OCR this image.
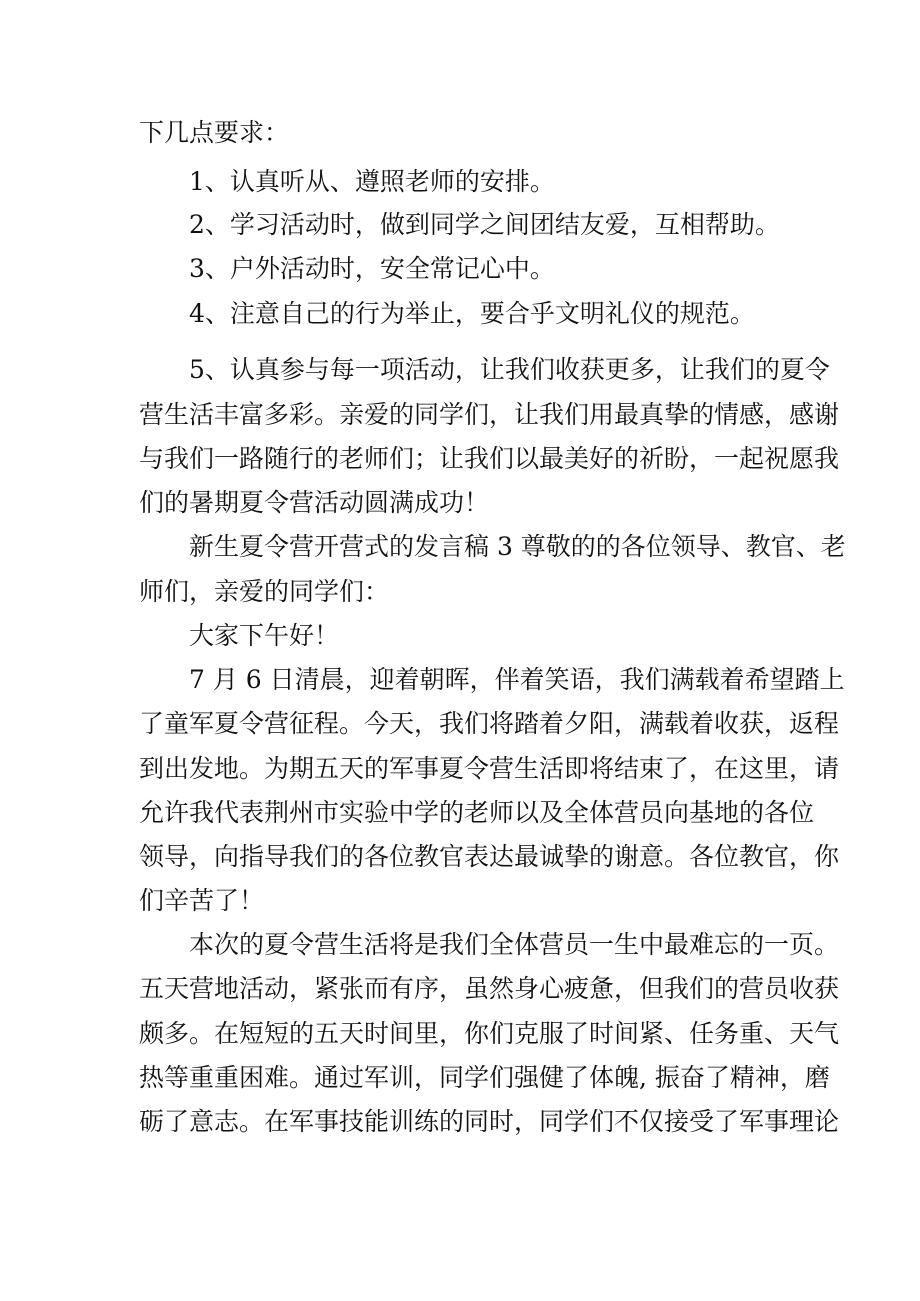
下几点要求：
1、认真听从、遵照老师的安排。
2、学习活动时，做到同学之间团结友爱，互相帮助。
3、户外活动时，安全常记心中。
4、注意自己的行为举止，要合乎文明礼仪的规范。
5、认真参与每一项活动，让我们收获更多，让我们的夏令
营生活丰富多彩。亲爱的同学们，让我们用最真挚的情感，感谢
与我们一路随行的老师们；让我们以最美好的祈盼，一起祝愿我
们的暑期夏令营活动圆满成功！
新生夏令营开营式的发言稿 3 尊敬的的各位领导、教官、老
师们，亲爱的同学们：
大家下午好！
7 月 6 日清晨，迎着朝晖，伴着笑语，我们满载着希望踏上
了童军夏令营征程。今天，我们将踏着夕阳，满载着收获，返程
到出发地。为期五天的军事夏令营生活即将结束了，在这里，请
允许我代表荆州市实验中学的老师以及全体营员向基地的各位
领导，向指导我们的各位教官表达最诚挚的谢意。各位教官，你
们辛苦了！
本次的夏令营生活将是我们全体营员一生中最难忘的一页。
五天营地活动，紧张而有序，虽然身心疲惫，但我们的营员收获
颇多。在短短的五天时间里，你们克服了时间紧、任务重、天气
热等重重困难。通过军训，同学们强健了体魄, 振奋了精神，磨
砺了意志。在军事技能训练的同时，同学们不仅接受了军事理论
